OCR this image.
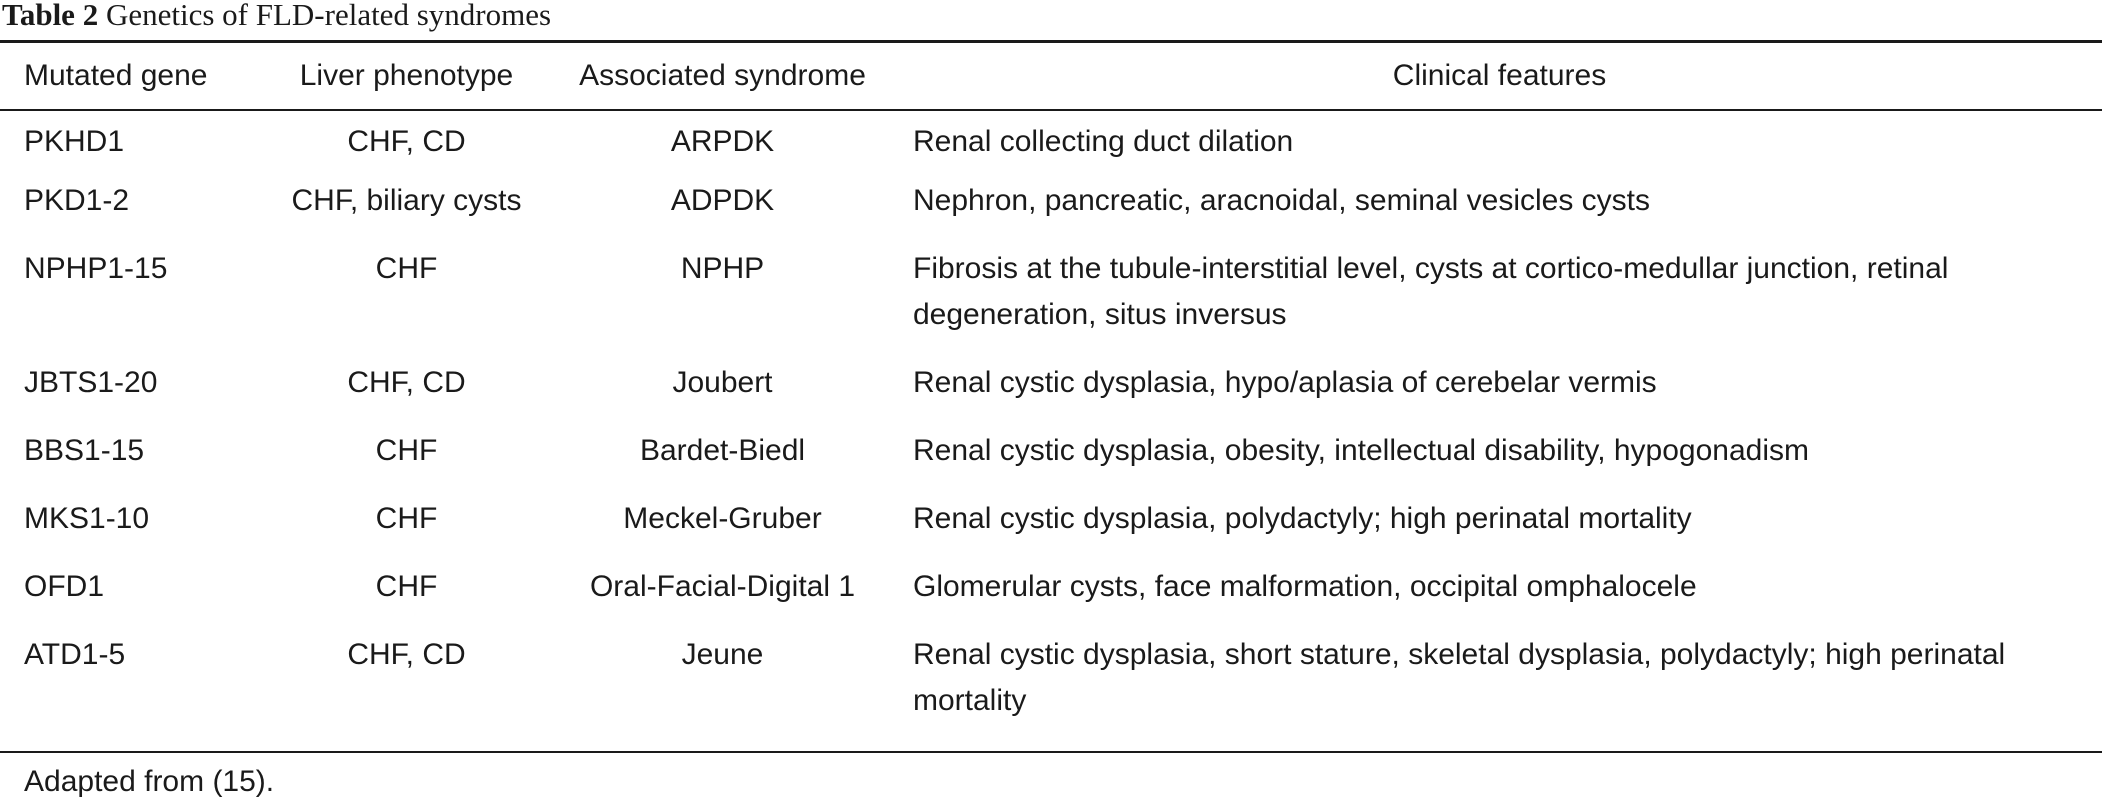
Table 2 Genetics of FLD-related syndromes
Mutated gene	Liver phenotype	Associated syndrome	Clinical features
PKHD1	CHF, CD	ARPDK	Renal collecting duct dilation
PKD1-2	CHF, biliary cysts	ADPDK	Nephron, pancreatic, aracnoidal, seminal vesicles cysts
NPHP1-15	CHF	NPHP	Fibrosis at the tubule-interstitial level, cysts at cortico-medullar junction, retinal degeneration, situs inversus
JBTS1-20	CHF, CD	Joubert	Renal cystic dysplasia, hypo/aplasia of cerebelar vermis
BBS1-15	CHF	Bardet-Biedl	Renal cystic dysplasia, obesity, intellectual disability, hypogonadism
MKS1-10	CHF	Meckel-Gruber	Renal cystic dysplasia, polydactyly; high perinatal mortality
OFD1	CHF	Oral-Facial-Digital 1	Glomerular cysts, face malformation, occipital omphalocele
ATD1-5	CHF, CD	Jeune	Renal cystic dysplasia, short stature, skeletal dysplasia, polydactyly; high perinatal mortality
Adapted from (15).
